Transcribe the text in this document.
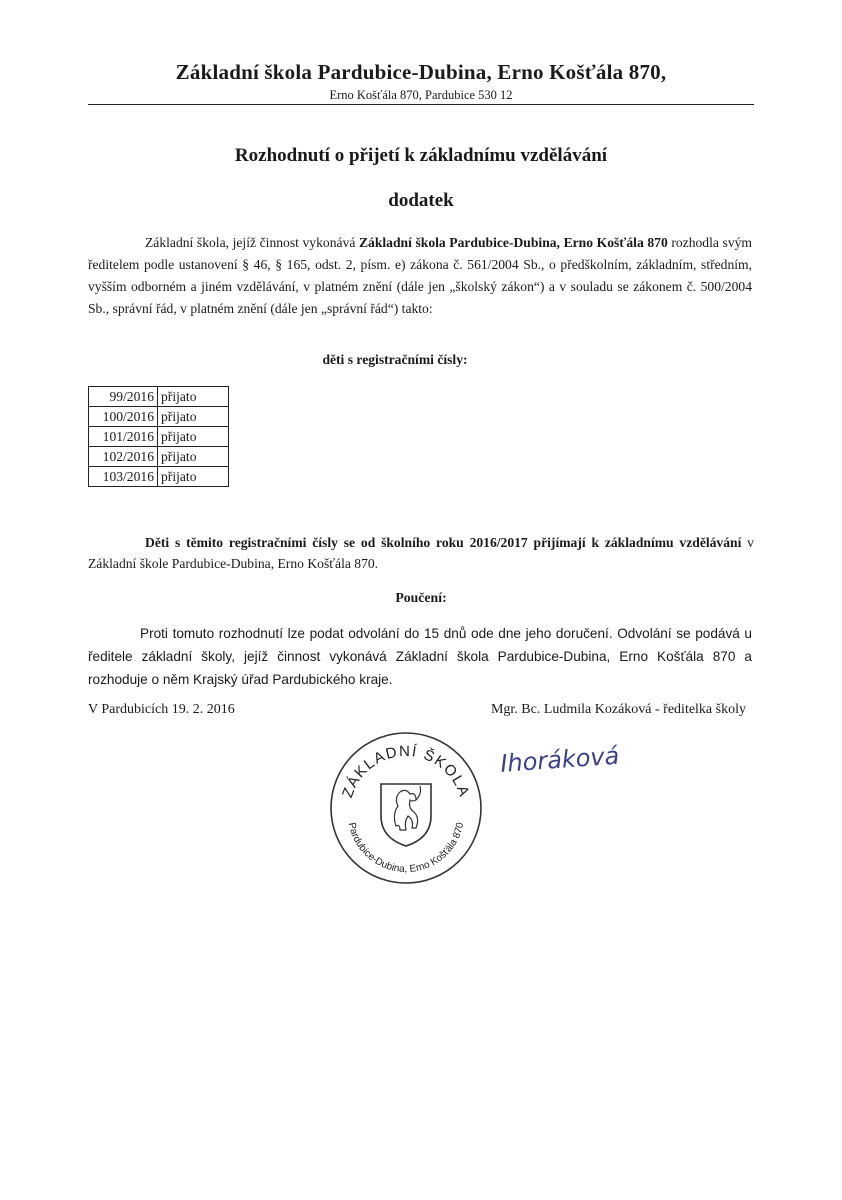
Základní škola Pardubice-Dubina, Erno Košťála 870,
Erno Košťála 870, Pardubice 530 12
Rozhodnutí o přijetí k základnímu vzdělávání
dodatek

Základní škola, jejíž činnost vykonává Základní škola Pardubice-Dubina, Erno Košťála 870 rozhodla svým ředitelem podle ustanovení § 46, § 165, odst. 2, písm. e) zákona č. 561/2004 Sb., o předškolním, základním, středním, vyšším odborném a jiném vzdělávání, v platném znění (dále jen „školský zákon“) a v souladu se zákonem č. 500/2004 Sb., správní řád, v platném znění (dále jen „správní řád“) takto:

děti s registračními čísly:
99/2016	přijato
100/2016	přijato
101/2016	přijato
102/2016	přijato
103/2016	přijato

Děti s těmito registračními čísly se od školního roku 2016/2017 přijímají k základnímu vzdělávání v Základní škole Pardubice-Dubina, Erno Košťála 870.

Poučení:

Proti tomuto rozhodnutí lze podat odvolání do 15 dnů ode dne jeho doručení. Odvolání se podává u ředitele základní školy, jejíž činnost vykonává Základní škola Pardubice-Dubina, Erno Košťála 870 a rozhoduje o něm Krajský úřad Pardubického kraje.

V Pardubicích 19. 2. 2016	Mgr. Bc. Ludmila Kozáková - ředitelka školy
ZÁKLADNÍ ŠKOLA
Pardubice-Dubina, Erno Košťála 870
Ihoráková
